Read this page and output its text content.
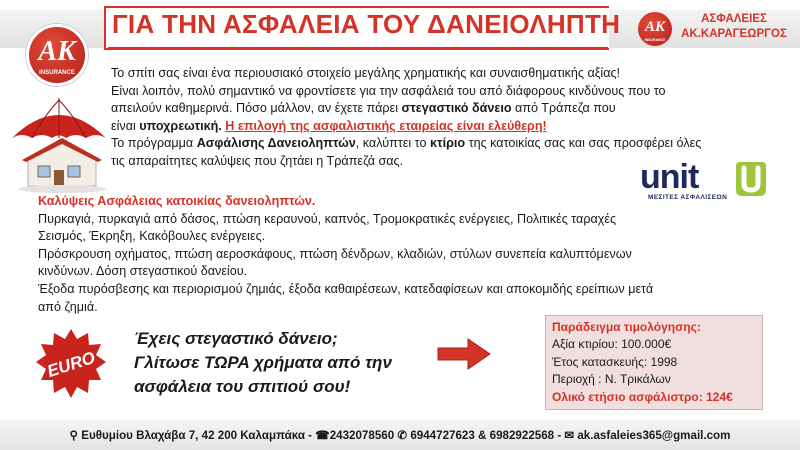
ΓΙΑ ΤΗΝ ΑΣΦΑΛΕΙΑ ΤΟΥ ΔΑΝΕΙΟΛΗΠΤΗ
AK
INSURANCE
AK
INSURANCE
ΑΣΦΑΛΕΙΕΣ
ΑΚ.ΚΑΡΑΓΕΩΡΓΟΣ

Το σπίτι σας είναι ένα περιουσιακό στοιχείο μεγάλης χρηματικής και συναισθηματικής αξίας!

Είναι λοιπόν, πολύ σημαντικό να φροντίσετε για την ασφάλειά του από διάφορους κινδύνους που το

απειλούν καθημερινά. Πόσο μάλλον, αν έχετε πάρει στεγαστικό δάνειο από Τράπεζα που

είναι υποχρεωτική. Η επιλογή της ασφαλιστικής εταιρείας είναι ελεύθερη!

Το πρόγραμμα Ασφάλισης Δανειοληπτών, καλύπτει το κτίριο της κατοικίας σας και σας προσφέρει όλες

τις απαραίτητες καλύψεις που ζητάει η Τράπεζά σας.	unit
ΜΕΣΙΤΕΣ ΑΣΦΑΛΙΣΕΩΝ

Καλύψεις Ασφάλειας κατοικίας δανειοληπτών.

Πυρκαγιά, πυρκαγιά από δάσος, πτώση κεραυνού, καπνός, Τρομοκρατικές ενέργειες, Πολιτικές ταραχές

Σεισμός, Έκρηξη, Κακόβουλες ενέργειες.

Πρόσκρουση οχήματος, πτώση αεροσκάφους, πτώση δένδρων, κλαδιών, στύλων συνεπεία καλυπτόμενων

κινδύνων. Δόση στεγαστικού δανείου.

Έξοδα πυρόσβεσης και περιορισμού ζημιάς, έξοδα καθαιρέσεων, κατεδαφίσεων και αποκομιδής ερείπιων μετά

από ζημιά.

EURO

Έχεις στεγαστικό δάνειο;

Γλίτωσε ΤΩΡΑ χρήματα από την

ασφάλεια του σπιτιού σου!

Παράδειγμα τιμολόγησης:

Αξία κτιρίου: 100.000€

Έτος κατασκευής: 1998

Περιοχή : Ν. Τρικάλων

Ολικό ετήσιο ασφάλιστρο: 124€

⚲ Ευθυμίου Βλαχάβα 7, 42 200 Καλαμπάκα - ☎2432078560 ✆ 6944727623 & 6982922568 - ✉ ak.asfaleies365@gmail.com
